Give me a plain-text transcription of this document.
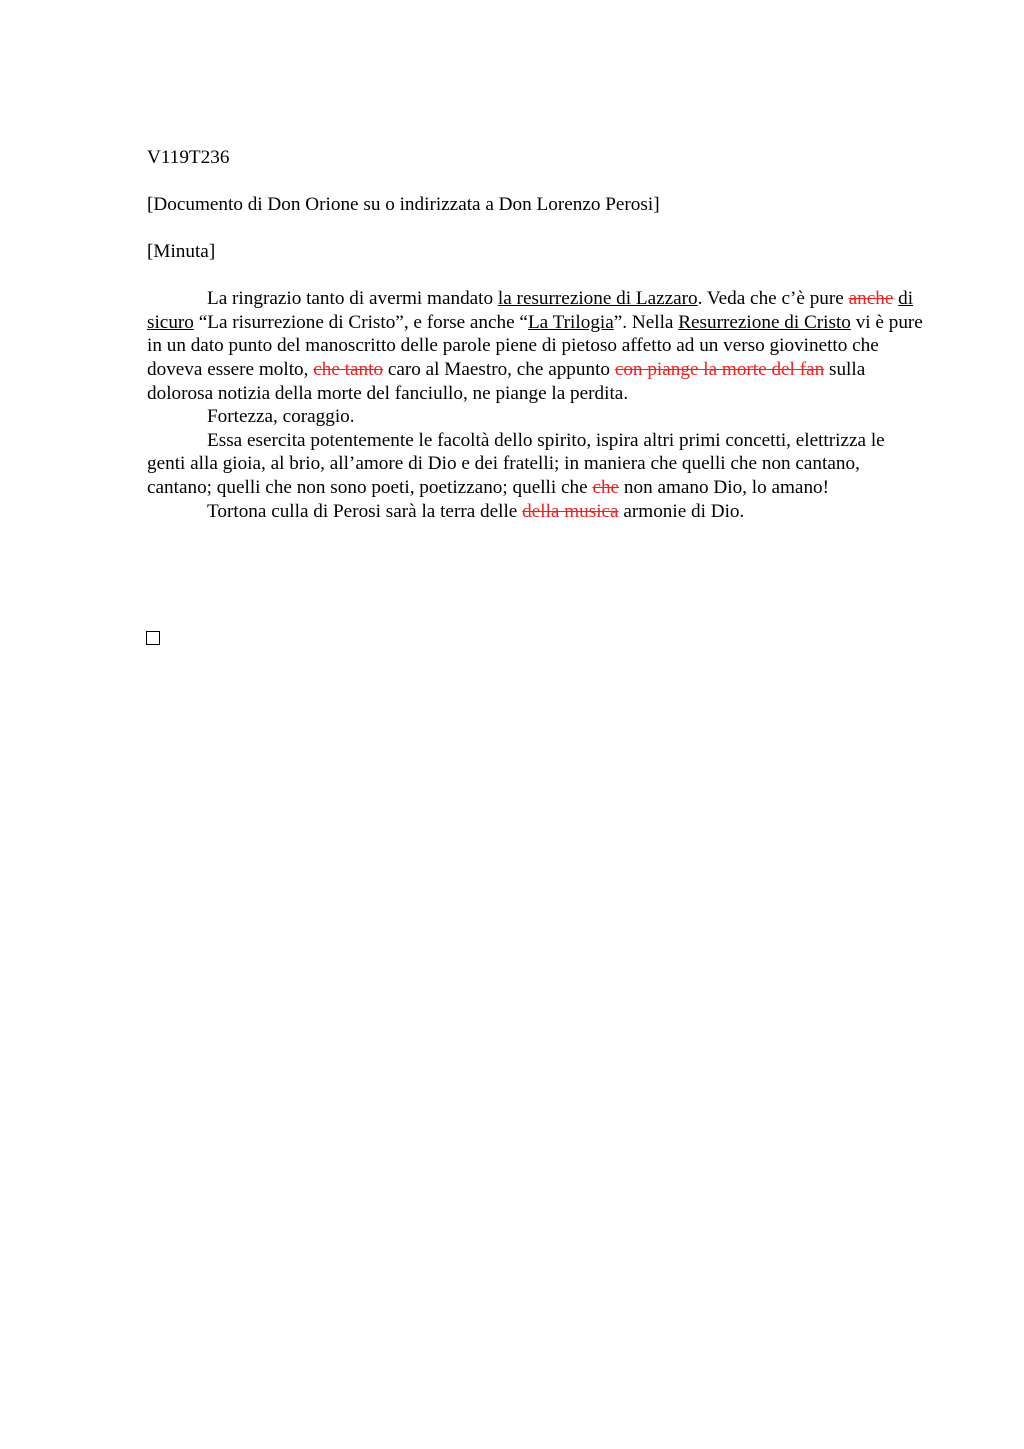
V119T236

[Documento di Don Orione su o indirizzata a Don Lorenzo Perosi]

[Minuta]

La ringrazio tanto di avermi mandato la resurrezione di Lazzaro. Veda che c’è pure anche di sicuro “La risurrezione di Cristo”, e forse anche “La Trilogia”. Nella Resurrezione di Cristo vi è pure in un dato punto del manoscritto delle parole piene di pietoso affetto ad un verso giovinetto che doveva essere molto, che tanto caro al Maestro, che appunto con piange la morte del fan sulla dolorosa notizia della morte del fanciullo, ne piange la perdita.

Fortezza, coraggio.

Essa esercita potentemente le facoltà dello spirito, ispira altri primi concetti, elettrizza le genti alla gioia, al brio, all’amore di Dio e dei fratelli; in maniera che quelli che non cantano, cantano; quelli che non sono poeti, poetizzano; quelli che che non amano Dio, lo amano!

Tortona culla di Perosi sarà la terra delle della musica armonie di Dio.
